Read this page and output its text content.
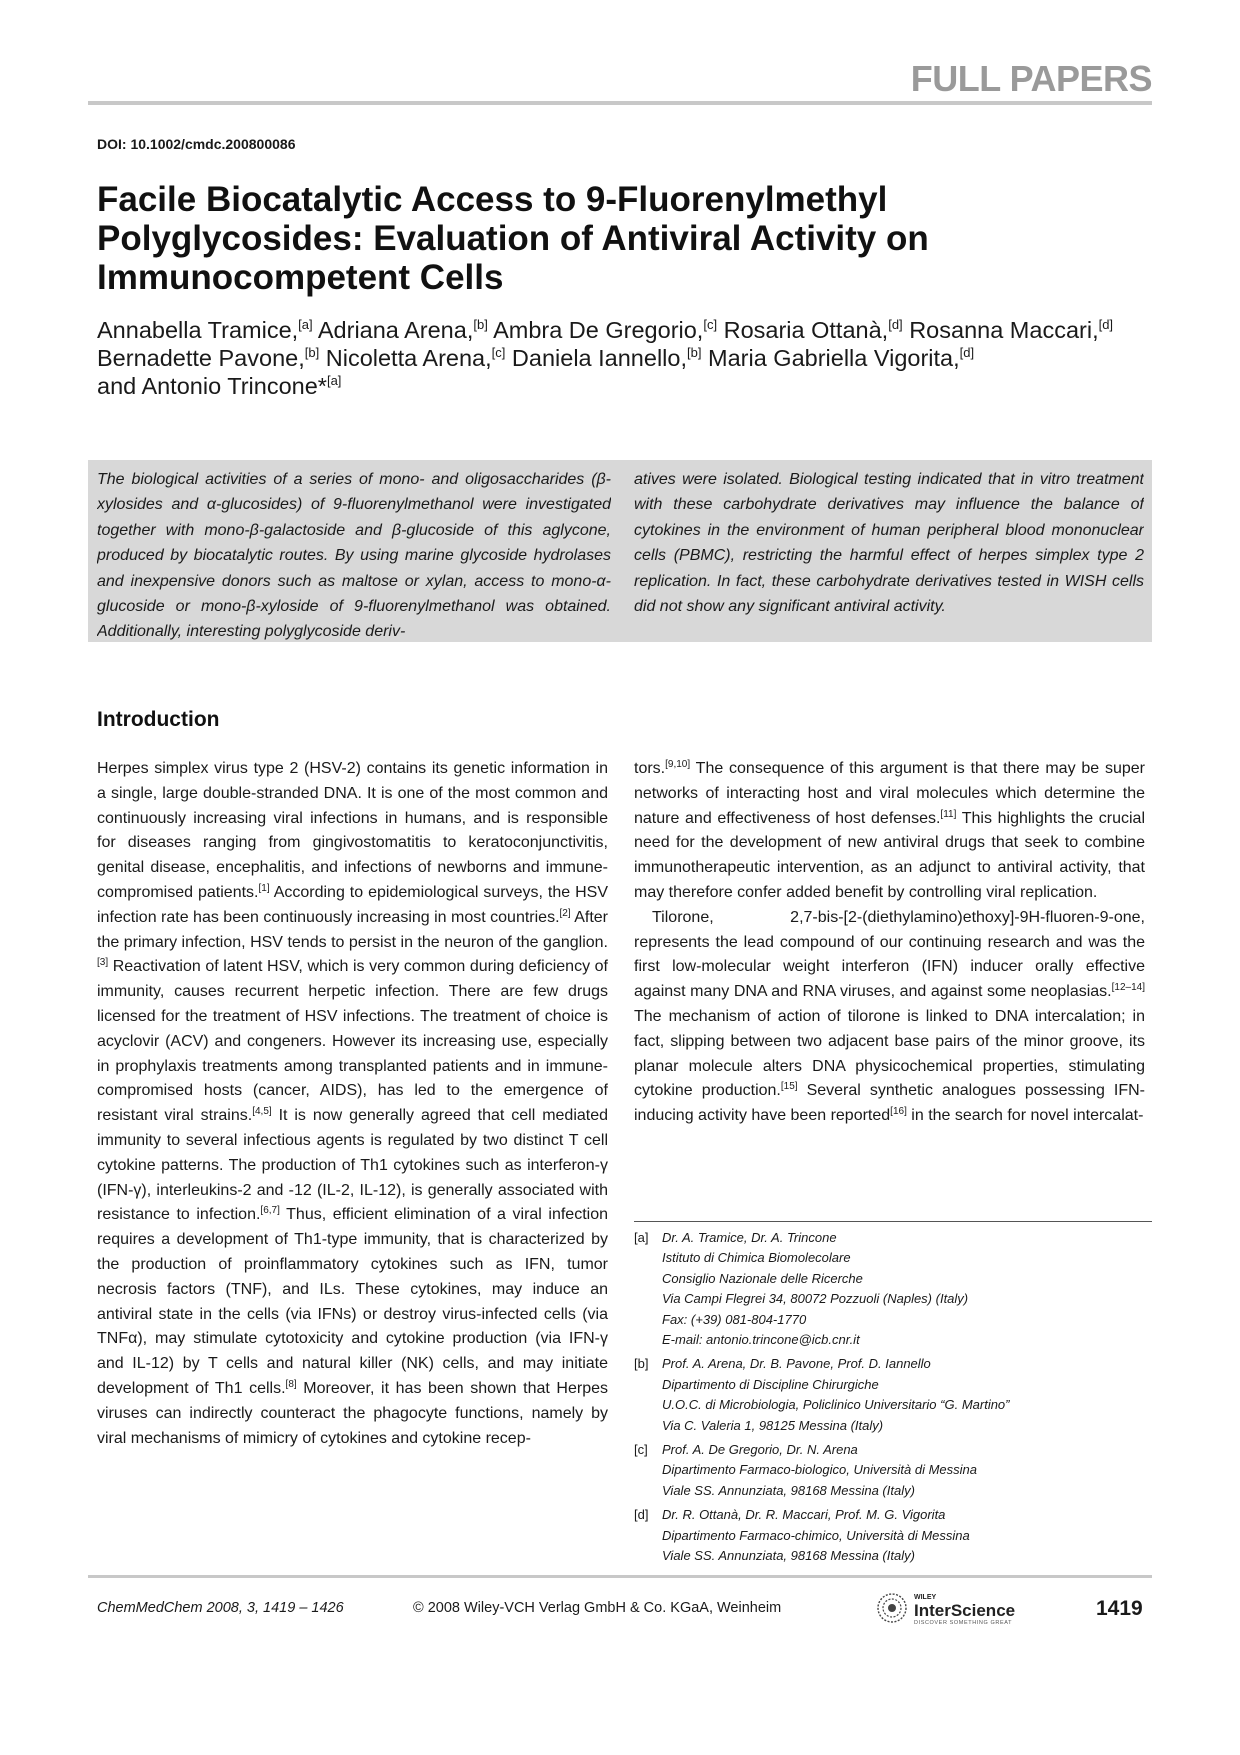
FULL PAPERS
DOI: 10.1002/cmdc.200800086
Facile Biocatalytic Access to 9-Fluorenylmethyl Polyglycosides: Evaluation of Antiviral Activity on Immunocompetent Cells
Annabella Tramice,[a] Adriana Arena,[b] Ambra De Gregorio,[c] Rosaria Ottanà,[d] Rosanna Maccari,[d] Bernadette Pavone,[b] Nicoletta Arena,[c] Daniela Iannello,[b] Maria Gabriella Vigorita,[d] and Antonio Trincone*[a]
The biological activities of a series of mono- and oligosaccharides (β-xylosides and α-glucosides) of 9-fluorenylmethanol were investigated together with mono-β-galactoside and β-glucoside of this aglycone, produced by biocatalytic routes. By using marine glycoside hydrolases and inexpensive donors such as maltose or xylan, access to mono-α-glucoside or mono-β-xyloside of 9-fluorenylmethanol was obtained. Additionally, interesting polyglycoside deriv-
atives were isolated. Biological testing indicated that in vitro treatment with these carbohydrate derivatives may influence the balance of cytokines in the environment of human peripheral blood mononuclear cells (PBMC), restricting the harmful effect of herpes simplex type 2 replication. In fact, these carbohydrate derivatives tested in WISH cells did not show any significant antiviral activity.
Introduction

Herpes simplex virus type 2 (HSV-2) contains its genetic information in a single, large double-stranded DNA. It is one of the most common and continuously increasing viral infections in humans, and is responsible for diseases ranging from gingivostomatitis to keratoconjunctivitis, genital disease, encephalitis, and infections of newborns and immune-compromised patients.[1] According to epidemiological surveys, the HSV infection rate has been continuously increasing in most countries.[2] After the primary infection, HSV tends to persist in the neuron of the ganglion.[3] Reactivation of latent HSV, which is very common during deficiency of immunity, causes recurrent herpetic infection. There are few drugs licensed for the treatment of HSV infections. The treatment of choice is acyclovir (ACV) and congeners. However its increasing use, especially in prophylaxis treatments among transplanted patients and in immune-compromised hosts (cancer, AIDS), has led to the emergence of resistant viral strains.[4,5] It is now generally agreed that cell mediated immunity to several infectious agents is regulated by two distinct T cell cytokine patterns. The production of Th1 cytokines such as interferon-γ (IFN-γ), interleukins-2 and -12 (IL-2, IL-12), is generally associated with resistance to infection.[6,7] Thus, efficient elimination of a viral infection requires a development of Th1-type immunity, that is characterized by the production of proinflammatory cytokines such as IFN, tumor necrosis factors (TNF), and ILs. These cytokines, may induce an antiviral state in the cells (via IFNs) or destroy virus-infected cells (via TNFα), may stimulate cytotoxicity and cytokine production (via IFN-γ and IL-12) by T cells and natural killer (NK) cells, and may initiate development of Th1 cells.[8] Moreover, it has been shown that Herpes viruses can indirectly counteract the phagocyte functions, namely by viral mechanisms of mimicry of cytokines and cytokine recep-

tors.[9,10] The consequence of this argument is that there may be super networks of interacting host and viral molecules which determine the nature and effectiveness of host defenses.[11] This highlights the crucial need for the development of new antiviral drugs that seek to combine immunotherapeutic intervention, as an adjunct to antiviral activity, that may therefore confer added benefit by controlling viral replication.

Tilorone, 2,7-bis-[2-(diethylamino)ethoxy]-9H-fluoren-9-one, represents the lead compound of our continuing research and was the first low-molecular weight interferon (IFN) inducer orally effective against many DNA and RNA viruses, and against some neoplasias.[12–14] The mechanism of action of tilorone is linked to DNA intercalation; in fact, slipping between two adjacent base pairs of the minor groove, its planar molecule alters DNA physicochemical properties, stimulating cytokine production.[15] Several synthetic analogues possessing IFN-inducing activity have been reported[16] in the search for novel intercalat-

[a]	Dr. A. Tramice, Dr. A. Trincone
Istituto di Chimica Biomolecolare
Consiglio Nazionale delle Ricerche
Via Campi Flegrei 34, 80072 Pozzuoli (Naples) (Italy)
Fax: (+39) 081-804-1770
E-mail: antonio.trincone@icb.cnr.it
[b]	Prof. A. Arena, Dr. B. Pavone, Prof. D. Iannello
Dipartimento di Discipline Chirurgiche
U.O.C. di Microbiologia, Policlinico Universitario “G. Martino”
Via C. Valeria 1, 98125 Messina (Italy)
[c]	Prof. A. De Gregorio, Dr. N. Arena
Dipartimento Farmaco-biologico, Università di Messina
Viale SS. Annunziata, 98168 Messina (Italy)
[d]	Dr. R. Ottanà, Dr. R. Maccari, Prof. M. G. Vigorita
Dipartimento Farmaco-chimico, Università di Messina
Viale SS. Annunziata, 98168 Messina (Italy)
ChemMedChem 2008, 3, 1419 – 1426	© 2008 Wiley-VCH Verlag GmbH & Co. KGaA, Weinheim
WILEY
InterScience
DISCOVER SOMETHING GREAT
1419
